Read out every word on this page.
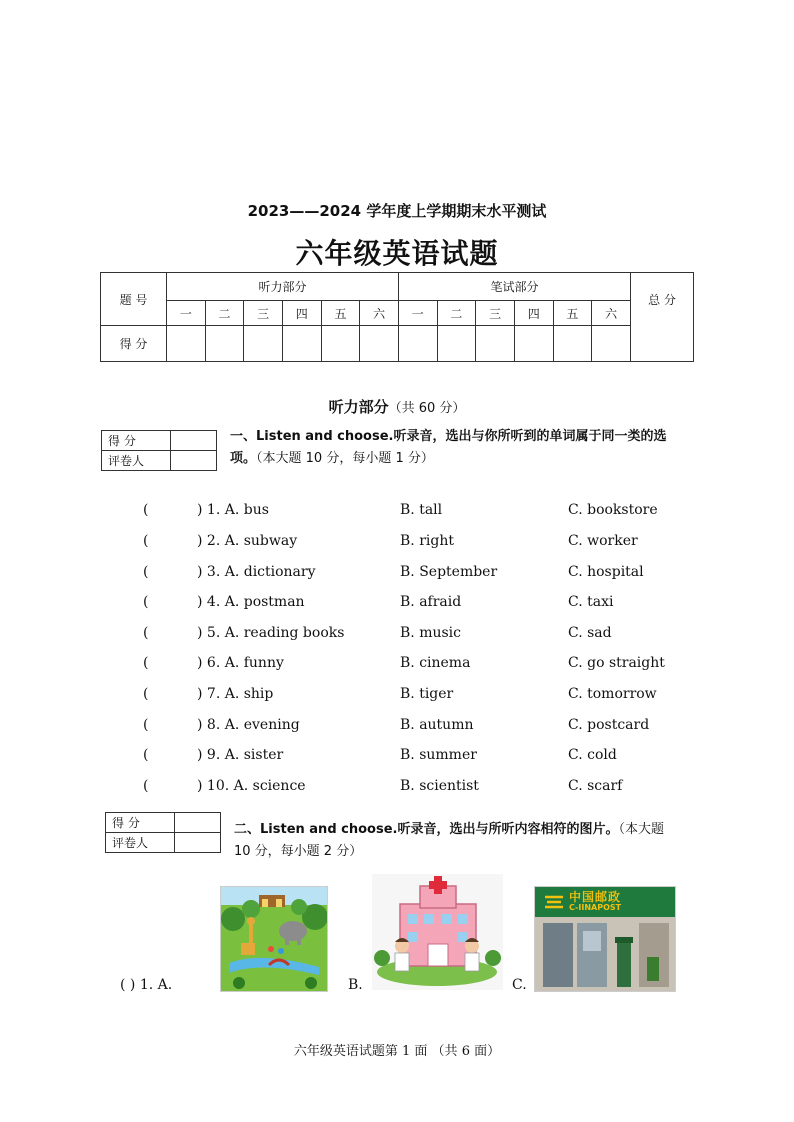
2023——2024 学年度上学期期末水平测试
六年级英语试题
题 号	听力部分						笔试部分						总 分
	一	二	三	四	五	六	一	二	三	四	五	六	
得 分													
听力部分（共 60 分）
得 分	
评卷人	
一、Listen and choose.听录音，选出与你所听到的单词属于同一类的选项。（本大题 10 分，每小题 1 分）
(	) 1. A. bus	B. tall	C. bookstore
(	) 2. A. subway	B. right	C. worker
(	) 3. A. dictionary	B. September	C. hospital
(	) 4. A. postman	B. afraid	C. taxi
(	) 5. A. reading books	B. music	C. sad
(	) 6. A. funny	B. cinema	C. go straight
(	) 7. A. ship	B. tiger	C. tomorrow
(	) 8. A. evening	B. autumn	C. postcard
(	) 9. A. sister	B. summer	C. cold
(	) 10. A. science	B. scientist	C. scarf
得 分	
评卷人	
二、Listen and choose.听录音，选出与所听内容相符的图片。（本大题 10 分，每小题 2 分）
中国邮政
C-IINAPOST
( ) 1. A.	B.	C.
六年级英语试题第 1 面 （共 6 面）
